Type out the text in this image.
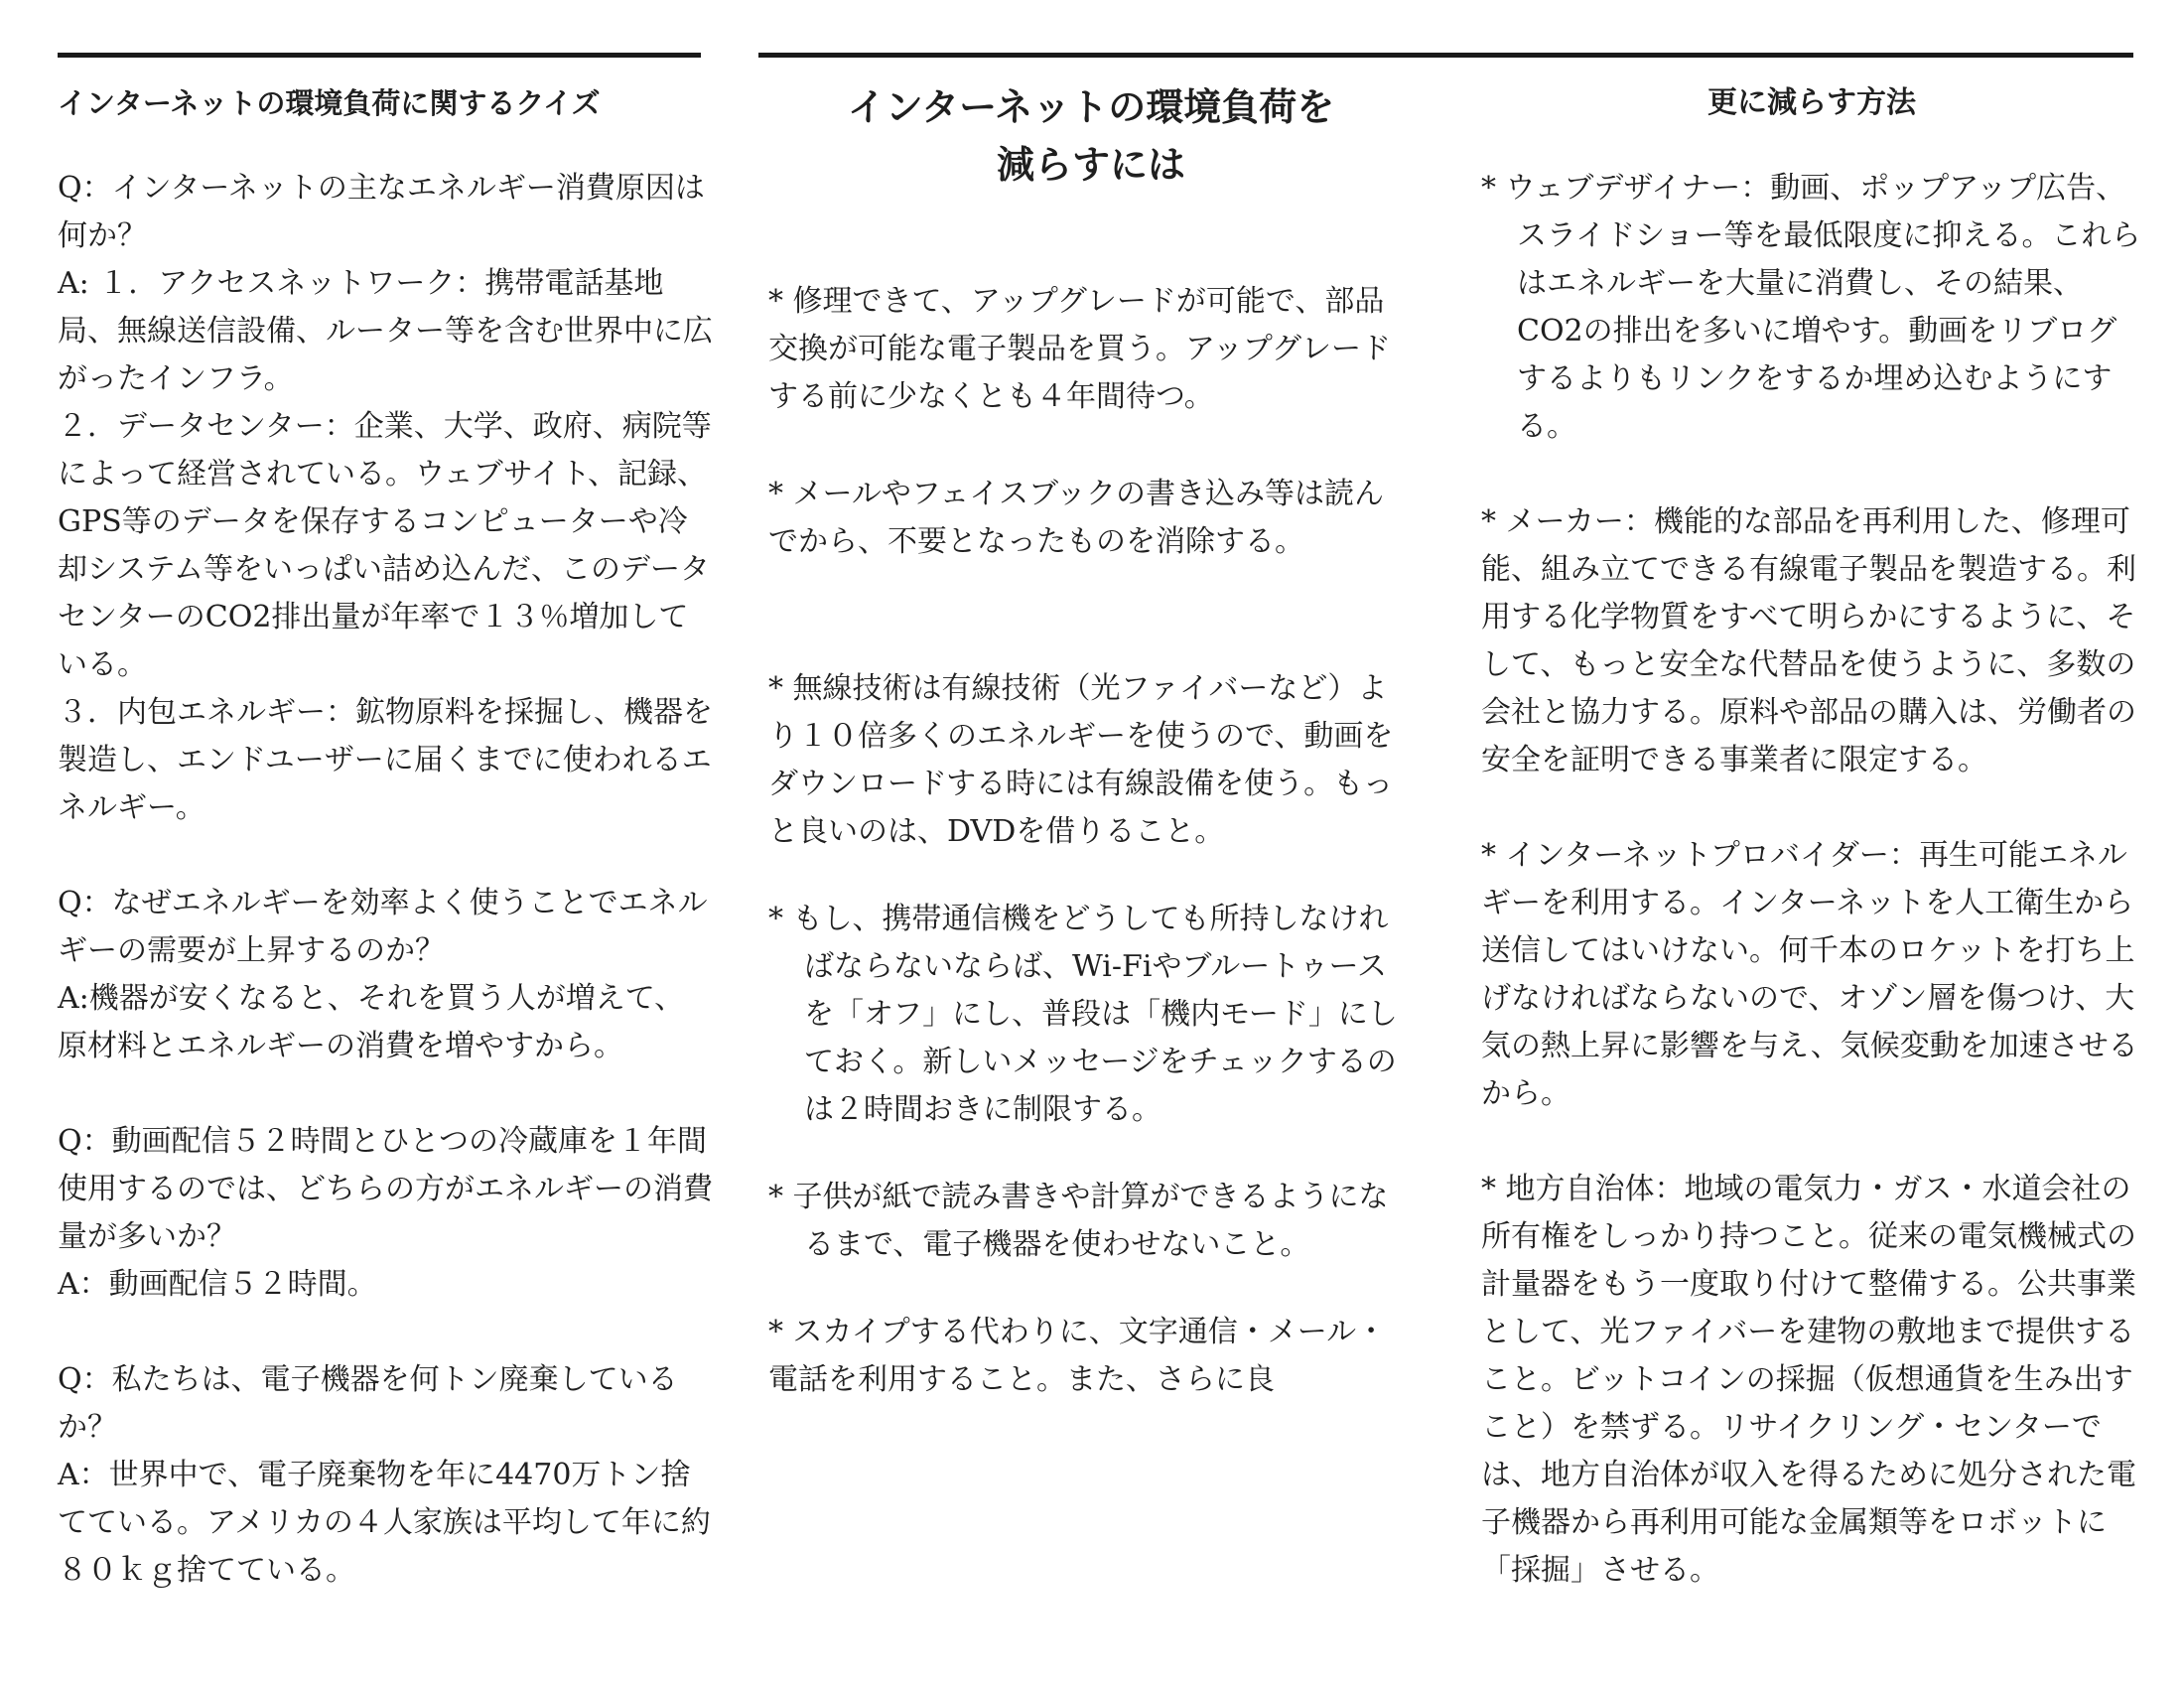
インターネットの環境負荷に関するクイズ

Q：インターネットの主なエネルギー消費原因は何か？

A: １．アクセスネットワーク：携帯電話基地局、無線送信設備、ルーター等を含む世界中に広がったインフラ。
２．データセンター：企業、大学、政府、病院等によって経営されている。ウェブサイト、記録、GPS等のデータを保存するコンピューターや冷却システム等をいっぱい詰め込んだ、このデータセンターのCO2排出量が年率で１３％増加している。
３．内包エネルギー：鉱物原料を採掘し、機器を製造し、エンドユーザーに届くまでに使われるエネルギー。

Q：なぜエネルギーを効率よく使うことでエネルギーの需要が上昇するのか？

A:機器が安くなると、それを買う人が増えて、原材料とエネルギーの消費を増やすから。

Q：動画配信５２時間とひとつの冷蔵庫を１年間使用するのでは、どちらの方がエネルギーの消費量が多いか？

A：動画配信５２時間。

Q：私たちは、電子機器を何トン廃棄しているか？

A：世界中で、電子廃棄物を年に4470万トン捨てている。アメリカの４人家族は平均して年に約８０ｋｇ捨てている。

インターネットの環境負荷を
減らすには

* 修理できて、アップグレードが可能で、部品交換が可能な電子製品を買う。アップグレードする前に少なくとも４年間待つ。

* メールやフェイスブックの書き込み等は読んでから、不要となったものを消除する。

* 無線技術は有線技術（光ファイバーなど）より１０倍多くのエネルギーを使うので、動画をダウンロードする時には有線設備を使う。もっと良いのは、DVDを借りること。

* もし、携帯通信機をどうしても所持しなければならないならば、Wi-Fiやブルートゥースを「オフ」にし、普段は「機内モード」にしておく。新しいメッセージをチェックするのは２時間おきに制限する。

* 子供が紙で読み書きや計算ができるようになるまで、電子機器を使わせないこと。

* スカイプする代わりに、文字通信・メール・電話を利用すること。また、さらに良

更に減らす方法

* ウェブデザイナー：動画、ポップアップ広告、スライドショー等を最低限度に抑える。これらはエネルギーを大量に消費し、その結果、CO2の排出を多いに増やす。動画をリブログするよりもリンクをするか埋め込むようにする。

* メーカー：機能的な部品を再利用した、修理可能、組み立てできる有線電子製品を製造する。利用する化学物質をすべて明らかにするように、そして、もっと安全な代替品を使うように、多数の会社と協力する。原料や部品の購入は、労働者の安全を証明できる事業者に限定する。

* インターネットプロバイダー：再生可能エネルギーを利用する。インターネットを人工衛生から送信してはいけない。何千本のロケットを打ち上げなければならないので、オゾン層を傷つけ、大気の熱上昇に影響を与え、気候変動を加速させるから。

* 地方自治体：地域の電気力・ガス・水道会社の所有権をしっかり持つこと。従来の電気機械式の計量器をもう一度取り付けて整備する。公共事業として、光ファイバーを建物の敷地まで提供すること。ビットコインの採掘（仮想通貨を生み出すこと）を禁ずる。リサイクリング・センターでは、地方自治体が収入を得るために処分された電子機器から再利用可能な金属類等をロボットに「採掘」させる。
